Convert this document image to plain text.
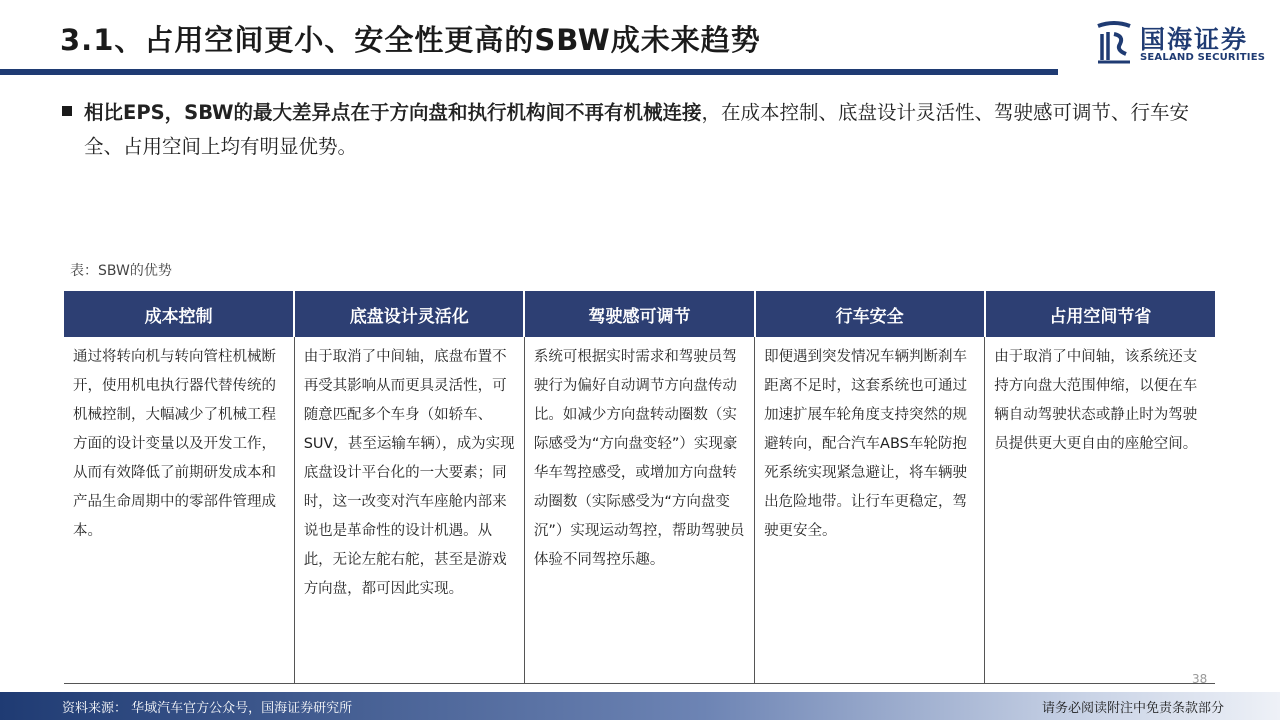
3.1、占用空间更小、安全性更高的SBW成未来趋势	国海证券
SEALAND SECURITIES
相比EPS，SBW的最大差异点在于方向盘和执行机构间不再有机械连接，在成本控制、底盘设计灵活性、驾驶感可调节、行车安全、占用空间上均有明显优势。
表：SBW的优势
成本控制	底盘设计灵活化	驾驶感可调节	行车安全	占用空间节省
通过将转向机与转向管柱机械断开，使用机电执行器代替传统的机械控制，大幅减少了机械工程方面的设计变量以及开发工作，从而有效降低了前期研发成本和产品生命周期中的零部件管理成本。	由于取消了中间轴，底盘布置不再受其影响从而更具灵活性，可随意匹配多个车身（如轿车、SUV，甚至运输车辆），成为实现底盘设计平台化的一大要素；同时，这一改变对汽车座舱内部来说也是革命性的设计机遇。从此，无论左舵右舵，甚至是游戏方向盘，都可因此实现。	系统可根据实时需求和驾驶员驾驶行为偏好自动调节方向盘传动比。如减少方向盘转动圈数（实际感受为“方向盘变轻”）实现豪华车驾控感受，或增加方向盘转动圈数（实际感受为“方向盘变沉”）实现运动驾控，帮助驾驶员体验不同驾控乐趣。	即便遇到突发情况车辆判断刹车距离不足时，这套系统也可通过加速扩展车轮角度支持突然的规避转向，配合汽车ABS车轮防抱死系统实现紧急避让，将车辆驶出危险地带。让行车更稳定，驾驶更安全。	由于取消了中间轴，该系统还支持方向盘大范围伸缩，以便在车辆自动驾驶状态或静止时为驾驶员提供更大更自由的座舱空间。
38
资料来源： 华域汽车官方公众号，国海证券研究所	请务必阅读附注中免责条款部分
